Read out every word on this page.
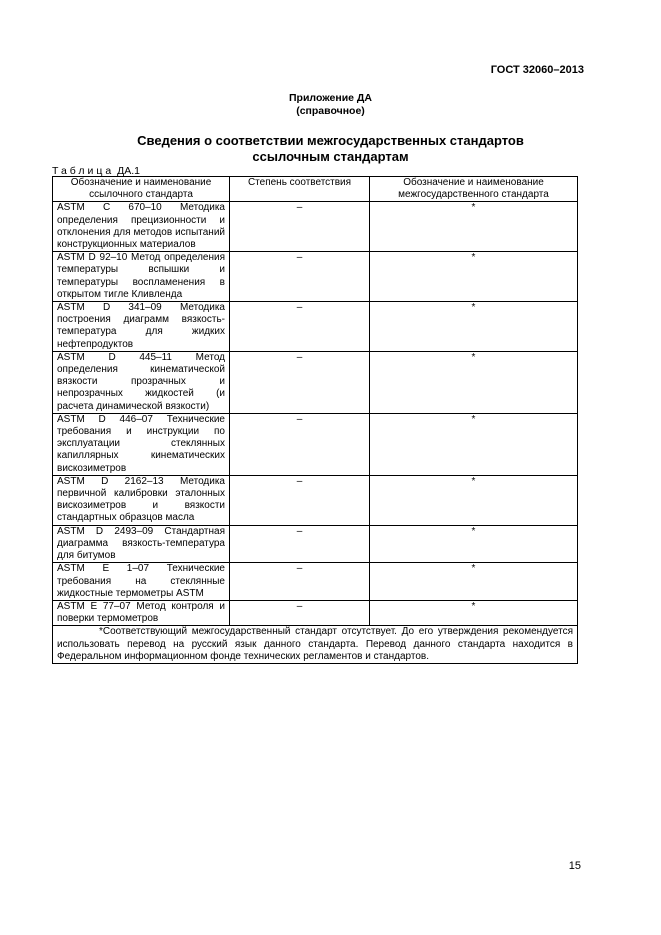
ГОСТ 32060–2013
Приложение ДА
(справочное)
Сведения о соответствии межгосударственных стандартов ссылочным стандартам
Таблица ДА.1
Обозначение и наименование ссылочного стандарта	Степень соответствия	Обозначение и наименование межгосударственного стандарта
ASTM C 670–10 Методика определения прецизионности и отклонения для методов испытаний конструкционных материалов	–	*
ASTM D 92–10 Метод определения температуры вспышки и температуры воспламенения в открытом тигле Кливленда	–	*
ASTM D 341–09 Методика построения диаграмм вязкость-температура для жидких нефтепродуктов	–	*
ASTM D 445–11 Метод определения кинематической вязкости прозрачных и непрозрачных жидкостей (и расчета динамической вязкости)	–	*
ASTM D 446–07 Технические требования и инструкции по эксплуатации стеклянных капиллярных кинематических вискозиметров	–	*
ASTM D 2162–13 Методика первичной калибровки эталонных вискозиметров и вязкости стандартных образцов масла	–	*
ASTM D 2493–09 Стандартная диаграмма вязкость-температура для битумов	–	*
ASTM E 1–07 Технические требования на стеклянные жидкостные термометры ASTM	–	*
ASTM E 77–07 Метод контроля и поверки термометров	–	*
*Соответствующий межгосударственный стандарт отсутствует. До его утверждения рекомендуется использовать перевод на русский язык данного стандарта. Перевод данного стандарта находится в Федеральном информационном фонде технических регламентов и стандартов.		
15
